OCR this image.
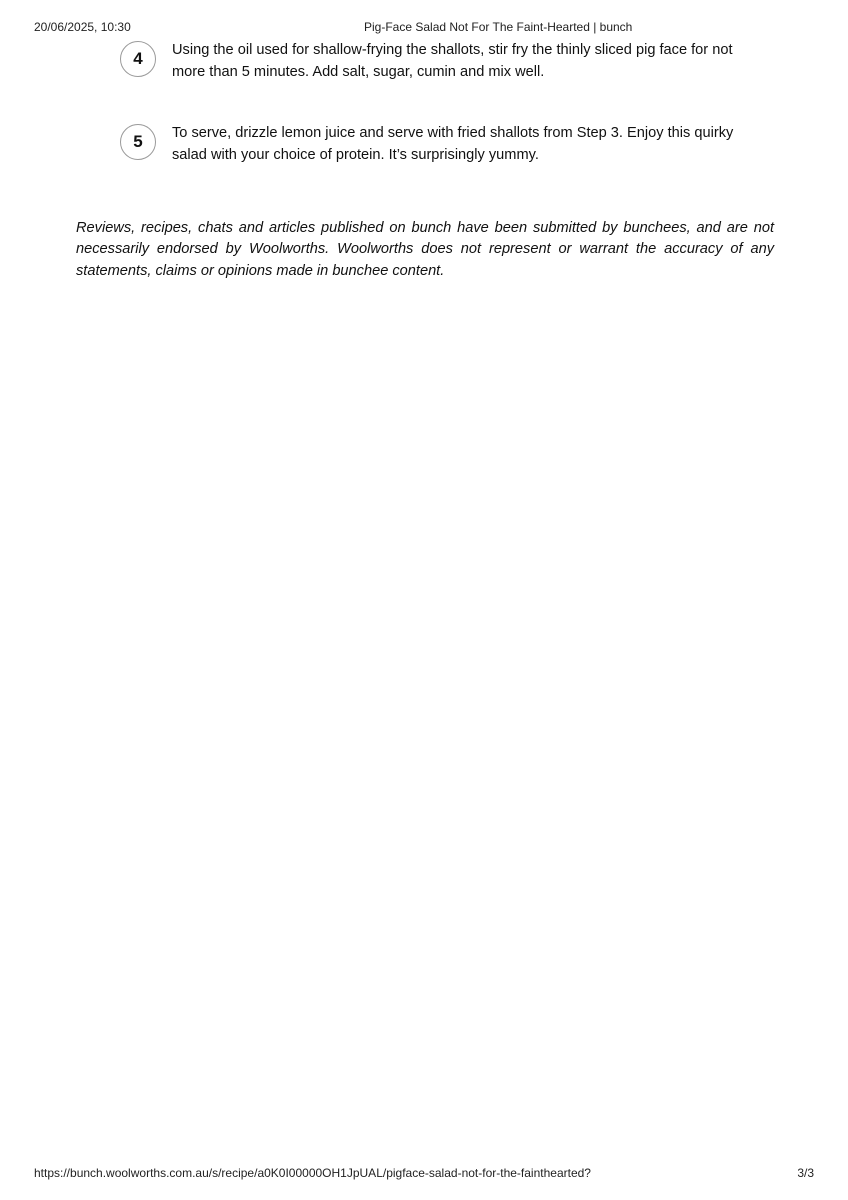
20/06/2025, 10:30	Pig-Face Salad Not For The Faint-Hearted | bunch
4	Using the oil used for shallow-frying the shallots, stir fry the thinly sliced pig face for not more than 5 minutes. Add salt, sugar, cumin and mix well.
5	To serve, drizzle lemon juice and serve with fried shallots from Step 3. Enjoy this quirky salad with your choice of protein. It’s surprisingly yummy.

Reviews, recipes, chats and articles published on bunch have been submitted by bunchees, and are not necessarily endorsed by Woolworths. Woolworths does not represent or warrant the accuracy of any statements, claims or opinions made in bunchee content.

https://bunch.woolworths.com.au/s/recipe/a0K0I00000OH1JpUAL/pigface-salad-not-for-the-fainthearted?	3/3
